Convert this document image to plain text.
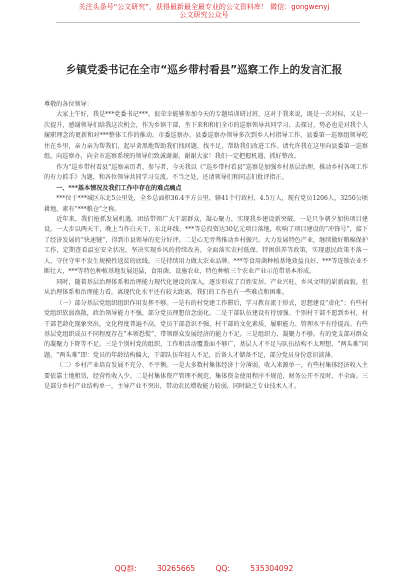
关注头条号“公文研究”，获得最新最全最专业的公文资料库！ 微信：gongwenyj
公文研究公众号
乡镇党委书记在全市“巡乡带村看县”巡察工作上的发言汇报

尊敬的各位领导：

大家上午好，我是***党委书记***。很荣幸能够参加今天的专题培训研讨班，这对于我来说，既是一次对标，又是一次提升，感谢领导们给我这次机会，作为乡镇干部，坐下来和和们全市的巡察领导共同学习、去探讨，势必也是对我个人履职理念的更新和对***整体工作的推动。市委巡察办、县委巡察办领导多次到乡人村指导工作，县委第一巡察组领导吃住在乡里，亲力亲为帮我们，起早贪黑地帮助我们找问题，找不足，帮助我们改进工作。请允许我在这里向县委第一巡察组，向巡察办，向全市巡察系统的领导们致诚谢谢。谢谢大家！我们一定把握机遇，抓好整改。

作为“巡乡带村看县”巡察亲历者、参与者，今天我以《“巡乡带村看县”巡察是加强乡村基层治理、推动乡村各项工作的有力抓手》为题，和各位领导共同学习交流。不当之处，还请领导们和同志们批评指正。

一、***基本情况及我们工作中存在的难点痛点

***位于***城区东北5公里处，全乡总面积36.4平方公里，辖41个行政村，4.5万人，现有党员1206人，3250公顷耕地，素有“***粮仓”之称。

近年来，我们抢抓发展机遇，团结带领广大干部群众，凝心聚力，实现我乡建设新突破。一是只争朝夕加快项目建设。一大步以两天干，晚上当作白天干，东北环线、***等总投资达30亿元项目落地，吹响了项目建设的“冲锋号”，接下了经济发展的“快速键”，得到市县领导的充分好评。二是心无旁骛推动乡村振兴。大力发展特色产业，继续做好粮棉保护工作，定期查看温室安全状况，坚决实现乡风的持续改善，全面落实农村低保、特困供养等政策，实现惠民政策不落一人，守住守牢不发生规模性返贫的底线。三是持续用力做大农业品牌。***等食用菌种植基地效益良好、***等连锁农业不断壮大，***等特色种植基地发展迅猛，食用菌、设施农业、特色种植三个农业产业示范带基本形成。

同时，随着基层治理体系和治理能力现代化建设的深入，逐步形成了百姓安居、产业兴旺、乡风文明的崭新面貌。但从治理体系和治理能力看，离现代化水平还有较大距离，我们的工作也有一些难点和困难。

（一）部分基层党组织组织作用发挥不够。一是有的村党建工作滞后，学习教育流于形式，思想建设“虚化”；有些村党组织软弱涣散，政治领导能力不强，部分党员理想信念弱化。二是干部队伍建设有待加强。个别村干部不愿到乡村，村干部老龄化现象突出，文化程度普遍不高，党员干部意识不强，村干部的文化素质、履职能力、管理水平有待提高。有些基层党组织成员不同程度存在“本领恐慌”，带领群众发展经济的能力不足。三是组织力、凝聚力不够。有的党支部对群众的凝聚力下降等不足。三是个别村党的组织、工作和活动覆盖面不够广，基层人才不足与队伍结构不太理想，“两头难”问题。“两头难”即：党员的年龄结构偏大，干部队伍年轻人不足，后备人才储备不足，部分党员身份意识淡薄。

（二）乡村产业培育发展不充分、不平衡。一是大多数村集体经济十分薄弱，收入来源单一，有些村集体经济收入主要依靠土地租赁，经营性收入少。二是村集体资产管理不规范，集体资金使用程序不规范，财务公开不及时、不全面。三是部分乡村产业结构单一，主导产业不突出，带动农民增收能力较弱，同时缺乏专业技术人才。

QQ群: 30265665	QQ: 535304092
